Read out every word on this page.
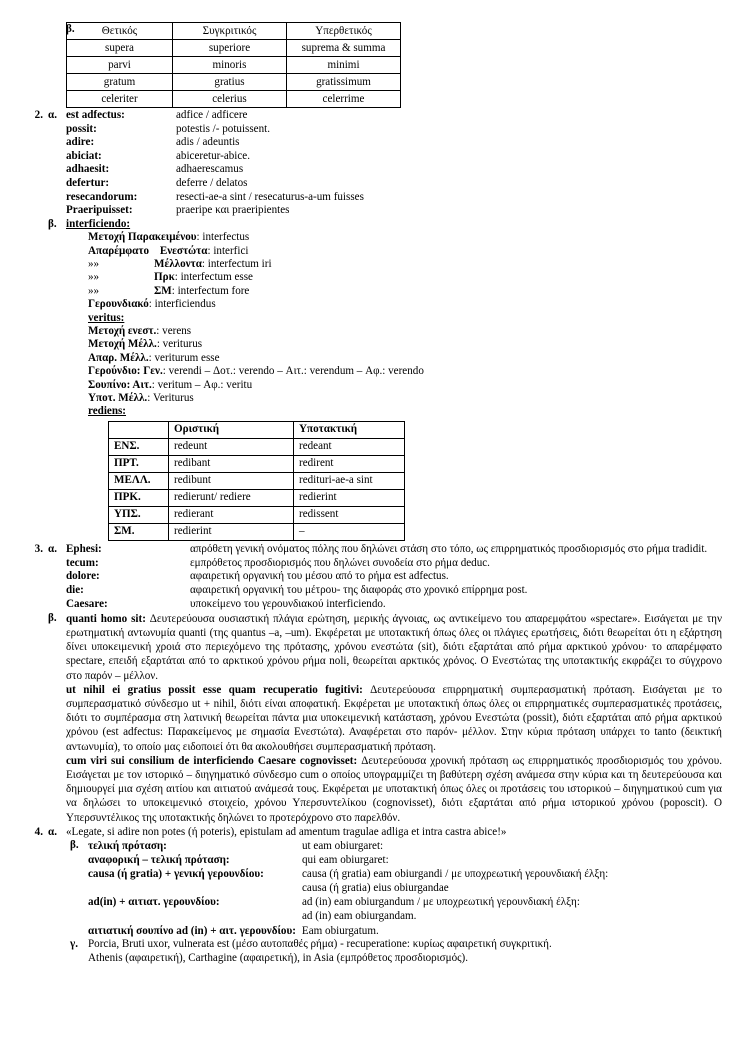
β. Θετικός	Συγκριτικός	Υπερθετικός
supera	superiore	suprema & summa
parvi	minoris	minimi
gratum	gratius	gratissimum
celeriter	celerius	celerrime
2. α. est adfectus:	adfice / adficere
possit:	potestis /- potuissent.
adire:	adis / adeuntis
abiciat:	abiceretur-abice.
adhaesit:	adhaerescamus
defertur:	deferre / delatos
resecandorum:	resecti-ae-a sint / resecaturus-a-um fuisses
Praeripuisset:	praeripe και praeripientes
β. interficiendo:
Μετοχή Παρακειμένου: interfectus
Απαρέμφατο Ενεστώτα: interfici
»»	Μέλλοντα: interfectum iri
»»	Πρκ: interfectum esse
»»	ΣΜ: interfectum fore
Γερουνδιακό: interficiendus
veritus:
Μετοχή ενεστ.: verens
Μετοχή Μέλλ.: veriturus
Απαρ. Μέλλ.: veriturum esse
Γερούνδιο: Γεν.: verendi – Δοτ.: verendo – Αιτ.: verendum – Αφ.: verendo
Σουπίνο: Αιτ.: veritum – Αφ.: veritu
Υποτ. Μέλλ.: Veriturus
rediens:
	Οριστική	Υποτακτική
ΕΝΣ.	redeunt	redeant
ΠΡΤ.	redibant	redirent
ΜΕΛΛ.	redibunt	redituri-ae-a sint
ΠΡΚ.	redierunt/ rediere	redierint
ΥΠΣ.	redierant	redissent
ΣΜ.	redierint	–
3. α. Ephesi:	απρόθετη γενική ονόματος πόλης που δηλώνει στάση στο τόπο, ως επιρρηματικός προσδιορισμός στο ρήμα tradidit.
tecum:	εμπρόθετος προσδιορισμός που δηλώνει συνοδεία στο ρήμα deduc.
dolore:	αφαιρετική οργανική του μέσου από το ρήμα est adfectus.
die:	αφαιρετική οργανική του μέτρου- της διαφοράς στο χρονικό επίρρημα post.
Caesare:	υποκείμενο του γερουνδιακού interficiendo.
β. quanti homo sit: Δευτερεύουσα ουσιαστική πλάγια ερώτηση, μερικής άγνοιας, ως αντικείμενο του απαρεμφάτου «spectare». Εισάγεται με την ερωτηματική αντωνυμία quanti (της quantus –a, –um). Εκφέρεται με υποτακτική όπως όλες οι πλάγιες ερωτήσεις, διότι θεωρείται ότι η εξάρτηση δίνει υποκειμενική χροιά στο περιεχόμενο της πρότασης, χρόνου ενεστώτα (sit), διότι εξαρτάται από ρήμα αρκτικού χρόνου· το απαρέμφατο spectare, επειδή εξαρτάται από το αρκτικού χρόνου ρήμα noli, θεωρείται αρκτικός χρόνος. Ο Ενεστώτας της υποτακτικής εκφράζει το σύγχρονο στο παρόν – μέλλον.
ut nihil ei gratius possit esse quam recuperatio fugitivi: Δευτερεύουσα επιρρηματική συμπερασματική πρόταση. Εισάγεται με το συμπερασματικό σύνδεσμο ut + nihil, διότι είναι αποφατική. Εκφέρεται με υποτακτική όπως όλες οι επιρρηματικές συμπερασματικές προτάσεις, διότι το συμπέρασμα στη λατινική θεωρείται πάντα μια υποκειμενική κατάσταση, χρόνου Ενεστώτα (possit), διότι εξαρτάται από ρήμα αρκτικού χρόνου (est adfectus: Παρακείμενος με σημασία Ενεστώτα). Αναφέρεται στο παρόν- μέλλον. Στην κύρια πρόταση υπάρχει το tanto (δεικτική αντωνυμία), το οποίο μας ειδοποιεί ότι θα ακολουθήσει συμπερασματική πρόταση.
cum viri sui consilium de interficiendo Caesare cognovisset: Δευτερεύουσα χρονική πρόταση ως επιρρηματικός προσδιορισμός του χρόνου. Εισάγεται με τον ιστορικό – διηγηματικό σύνδεσμο cum ο οποίος υπογραμμίζει τη βαθύτερη σχέση ανάμεσα στην κύρια και τη δευτερεύουσα και δημιουργεί μια σχέση αιτίου και αιτιατού ανάμεσά τους. Εκφέρεται με υποτακτική όπως όλες οι προτάσεις του ιστορικού – διηγηματικού cum για να δηλώσει το υποκειμενικό στοιχείο, χρόνου Υπερσυντελίκου (cognovisset), διότι εξαρτάται από ρήμα ιστορικού χρόνου (poposcit). Ο Υπερσυντέλικος της υποτακτικής δηλώνει το προτερόχρονο στο παρελθόν.
4. α. «Legate, si adire non potes (ή poteris), epistulam ad amentum tragulae adliga et intra castra abice!»
β. τελική πρόταση:	ut eam obiurgaret:
αναφορική – τελική πρόταση:	qui eam obiurgaret:
causa (ή gratia) + γενική γερουνδίου:	causa (ή gratia) eam obiurgandi / με υποχρεωτική γερουνδιακή έλξη:
causa (ή gratia) eius obiurgandae
ad(in) + αιτιατ. γερουνδίου:	ad (in) eam obiurgandum / με υποχρεωτική γερουνδιακή έλξη:
ad (in) eam obiurgandam.
αιτιατική σουπίνο ad (in) + αιτ. γερουνδίου: Eam obiurgatum.
γ. Porcia, Bruti uxor, vulnerata est (μέσο αυτοπαθές ρήμα) - recuperatione: κυρίως αφαιρετική συγκριτική.
Athenis (αφαιρετική), Carthagine (αφαιρετική), in Asia (εμπρόθετος προσδιορισμός).
